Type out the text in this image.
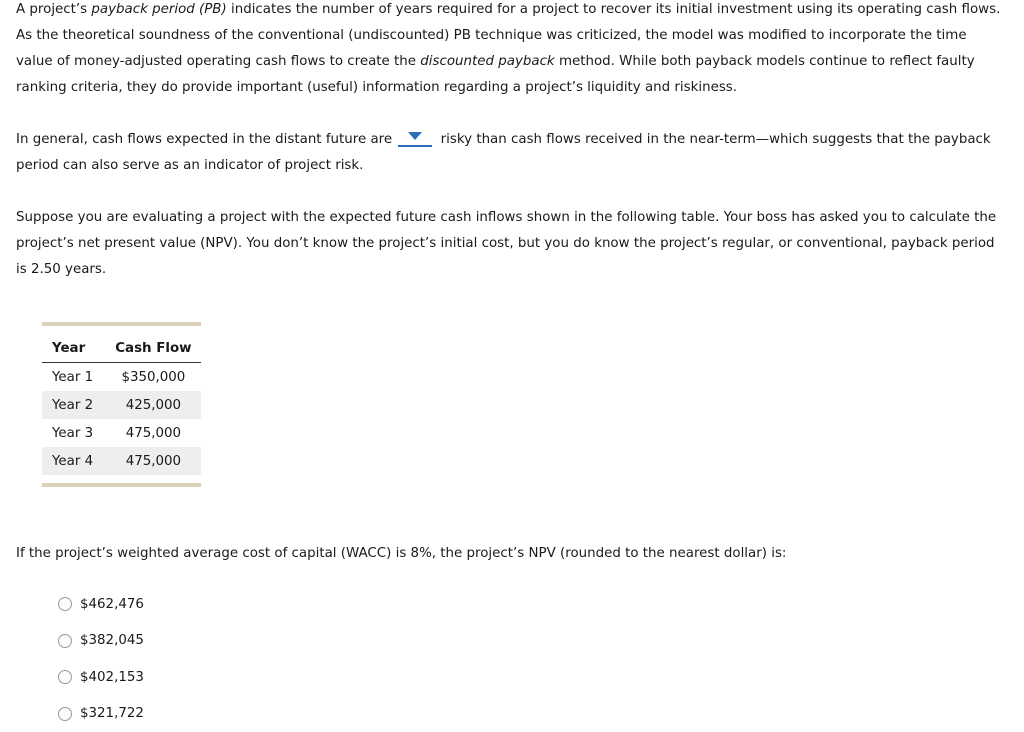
A project’s payback period (PB) indicates the number of years required for a project to recover its initial investment using its operating cash flows. As the theoretical soundness of the conventional (undiscounted) PB technique was criticized, the model was modified to incorporate the time value of money-adjusted operating cash flows to create the discounted payback method. While both payback models continue to reflect faulty ranking criteria, they do provide important (useful) information regarding a project’s liquidity and riskiness.

In general, cash flows expected in the distant future are	risky than cash flows received in the near-term—which suggests that the payback period can also serve as an indicator of project risk.

Suppose you are evaluating a project with the expected future cash inflows shown in the following table. Your boss has asked you to calculate the project’s net present value (NPV). You don’t know the project’s initial cost, but you do know the project’s regular, or conventional, payback period is 2.50 years.

Year	Cash Flow
Year 1	$350,000
Year 2	425,000
Year 3	475,000
Year 4	475,000

If the project’s weighted average cost of capital (WACC) is 8%, the project’s NPV (rounded to the nearest dollar) is:

$462,476
$382,045
$402,153
$321,722
